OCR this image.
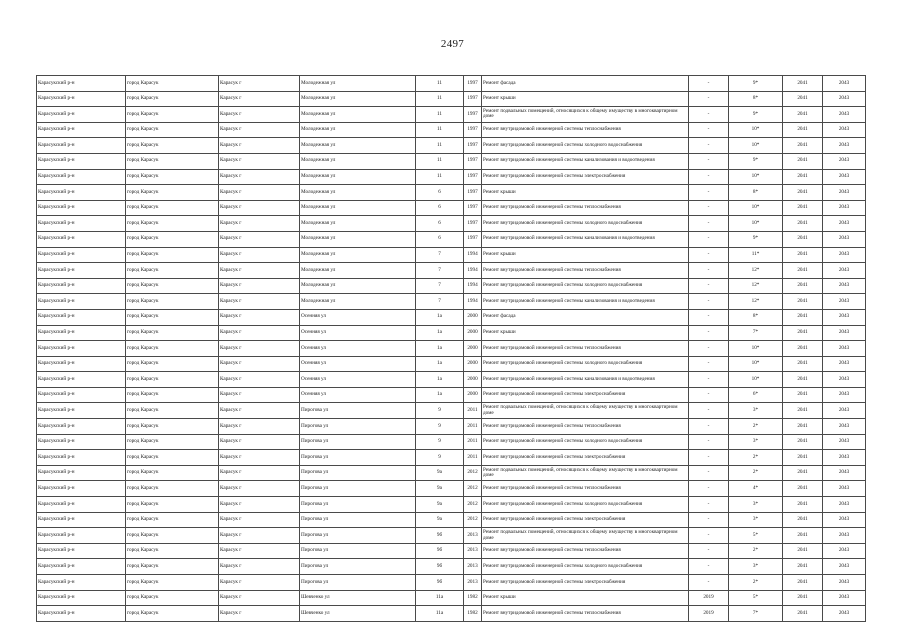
2497
Карасукский р-н	город Карасук	Карасук г	Молодежная ул	11	1997	Ремонт фасада	-	9*	2041	2043
Карасукский р-н	город Карасук	Карасук г	Молодежная ул	11	1997	Ремонт крыши	-	8*	2041	2043
Карасукский р-н	город Карасук	Карасук г	Молодежная ул	11	1997	Ремонт подвальных помещений, относящихся к общему имуществу в многоквартирном доме	-	9*	2041	2043
Карасукский р-н	город Карасук	Карасук г	Молодежная ул	11	1997	Ремонт внутридомовой инженерной системы теплоснабжения	-	10*	2041	2043
Карасукский р-н	город Карасук	Карасук г	Молодежная ул	11	1997	Ремонт внутридомовой инженерной системы холодного водоснабжения	-	10*	2041	2043
Карасукский р-н	город Карасук	Карасук г	Молодежная ул	11	1997	Ремонт внутридомовой инженерной системы канализования и водоотведения	-	9*	2041	2043
Карасукский р-н	город Карасук	Карасук г	Молодежная ул	11	1997	Ремонт внутридомовой инженерной системы электроснабжения	-	10*	2041	2043
Карасукский р-н	город Карасук	Карасук г	Молодежная ул	6	1997	Ремонт крыши	-	8*	2041	2043
Карасукский р-н	город Карасук	Карасук г	Молодежная ул	6	1997	Ремонт внутридомовой инженерной системы теплоснабжения	-	10*	2041	2043
Карасукский р-н	город Карасук	Карасук г	Молодежная ул	6	1997	Ремонт внутридомовой инженерной системы холодного водоснабжения	-	10*	2041	2043
Карасукский р-н	город Карасук	Карасук г	Молодежная ул	6	1997	Ремонт внутридомовой инженерной системы канализования и водоотведения	-	9*	2041	2043
Карасукский р-н	город Карасук	Карасук г	Молодежная ул	7	1994	Ремонт крыши	-	11*	2041	2043
Карасукский р-н	город Карасук	Карасук г	Молодежная ул	7	1994	Ремонт внутридомовой инженерной системы теплоснабжения	-	12*	2041	2043
Карасукский р-н	город Карасук	Карасук г	Молодежная ул	7	1994	Ремонт внутридомовой инженерной системы холодного водоснабжения	-	12*	2041	2043
Карасукский р-н	город Карасук	Карасук г	Молодежная ул	7	1994	Ремонт внутридомовой инженерной системы канализования и водоотведения	-	12*	2041	2043
Карасукский р-н	город Карасук	Карасук г	Осенняя ул	1а	2000	Ремонт фасада	-	8*	2041	2043
Карасукский р-н	город Карасук	Карасук г	Осенняя ул	1а	2000	Ремонт крыши	-	7*	2041	2043
Карасукский р-н	город Карасук	Карасук г	Осенняя ул	1а	2000	Ремонт внутридомовой инженерной системы теплоснабжения	-	10*	2041	2043
Карасукский р-н	город Карасук	Карасук г	Осенняя ул	1а	2000	Ремонт внутридомовой инженерной системы холодного водоснабжения	-	10*	2041	2043
Карасукский р-н	город Карасук	Карасук г	Осенняя ул	1а	2000	Ремонт внутридомовой инженерной системы канализования и водоотведения	-	10*	2041	2043
Карасукский р-н	город Карасук	Карасук г	Осенняя ул	1а	2000	Ремонт внутридомовой инженерной системы электроснабжения	-	6*	2041	2043
Карасукский р-н	город Карасук	Карасук г	Пирогова ул	9	2011	Ремонт подвальных помещений, относящихся к общему имуществу в многоквартирном доме	-	3*	2041	2043
Карасукский р-н	город Карасук	Карасук г	Пирогова ул	9	2011	Ремонт внутридомовой инженерной системы теплоснабжения	-	2*	2041	2043
Карасукский р-н	город Карасук	Карасук г	Пирогова ул	9	2011	Ремонт внутридомовой инженерной системы холодного водоснабжения	-	3*	2041	2043
Карасукский р-н	город Карасук	Карасук г	Пирогова ул	9	2011	Ремонт внутридомовой инженерной системы электроснабжения	-	2*	2041	2043
Карасукский р-н	город Карасук	Карасук г	Пирогова ул	9а	2012	Ремонт подвальных помещений, относящихся к общему имуществу в многоквартирном доме	-	2*	2041	2043
Карасукский р-н	город Карасук	Карасук г	Пирогова ул	9а	2012	Ремонт внутридомовой инженерной системы теплоснабжения	-	4*	2041	2043
Карасукский р-н	город Карасук	Карасук г	Пирогова ул	9а	2012	Ремонт внутридомовой инженерной системы холодного водоснабжения	-	3*	2041	2043
Карасукский р-н	город Карасук	Карасук г	Пирогова ул	9а	2012	Ремонт внутридомовой инженерной системы электроснабжения	-	3*	2041	2043
Карасукский р-н	город Карасук	Карасук г	Пирогова ул	9б	2013	Ремонт подвальных помещений, относящихся к общему имуществу в многоквартирном доме	-	5*	2041	2043
Карасукский р-н	город Карасук	Карасук г	Пирогова ул	9б	2013	Ремонт внутридомовой инженерной системы теплоснабжения	-	2*	2041	2043
Карасукский р-н	город Карасук	Карасук г	Пирогова ул	9б	2013	Ремонт внутридомовой инженерной системы холодного водоснабжения	-	3*	2041	2043
Карасукский р-н	город Карасук	Карасук г	Пирогова ул	9б	2013	Ремонт внутридомовой инженерной системы электроснабжения	-	2*	2041	2043
Карасукский р-н	город Карасук	Карасук г	Шевченко ул	11а	1982	Ремонт крыши	2019	5*	2041	2043
Карасукский р-н	город Карасук	Карасук г	Шевченко ул	11а	1982	Ремонт внутридомовой инженерной системы теплоснабжения	2019	7*	2041	2043
